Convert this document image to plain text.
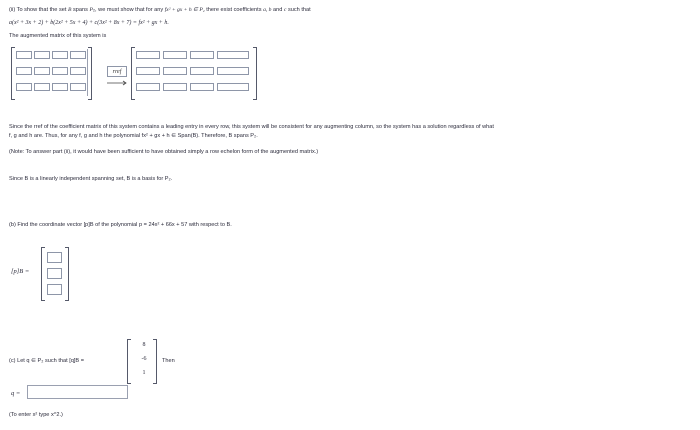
(ii) To show that the set B spans P₂, we must show that for any fx² + gx + h ∈ P₂ there exist coefficients a, b and c such that
a(x² + 3x + 2) + b(2x² + 5x + 4) + c(3x² + 8x + 7) = fx² + gx + h.
The augmented matrix of this system is
rref
Since the rref of the coefficient matrix of this system contains a leading entry in every row, this system will be consistent for any augmenting column, so the system has a solution regardless of what
f, g and h are. Thus, for any f, g and h the polynomial fx² + gx + h ∈ Span(B). Therefore, B spans P₂.
(Note: To answer part (ii), it would have been sufficient to have obtained simply a row echelon form of the augmented matrix.)
Since B is a linearly independent spanning set, B is a basis for P₂.
(b) Find the coordinate vector [p]B of the polynomial p = 24x² + 66x + 57 with respect to B.
[p]B =
(c) Let q ∈ P₂ such that [q]B =
8
-6
1
Then
q =
(To enter x² type x^2.)
